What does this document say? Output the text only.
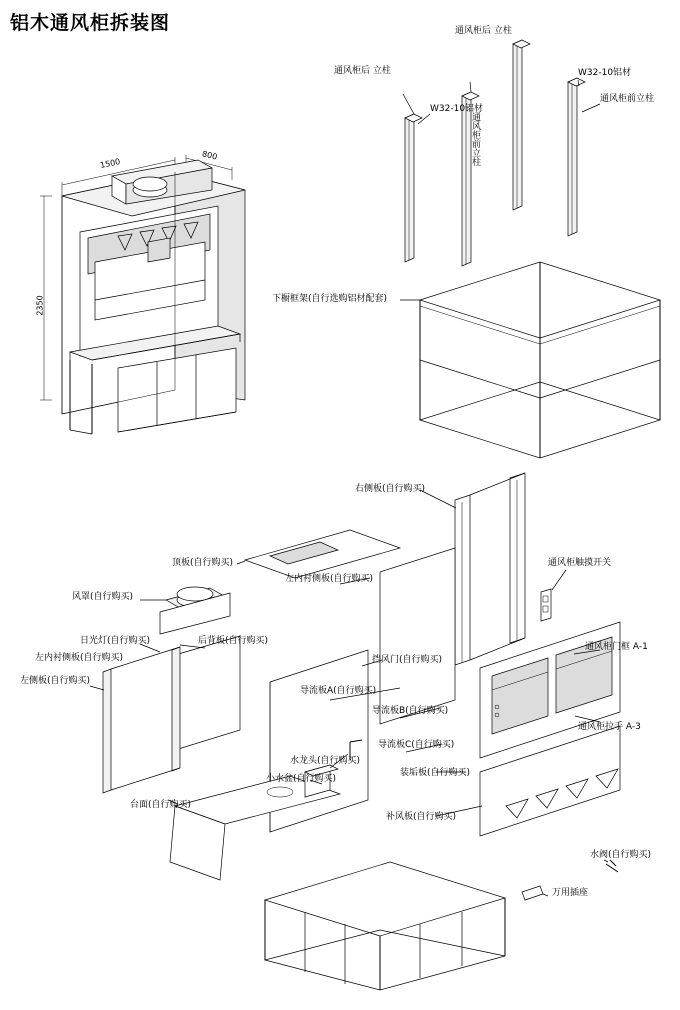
铝木通风柜拆装图
1500
800
2350
通风柜后 立柱
通风柜后 立柱	W32-10铝材
通风柜前立柱
W32-10铝材
通风柜前立柱
下橱框架(自行选购铝材配套)
右侧板(自行购买)
通风柜触摸开关
顶板(自行购买)
左内衬侧板(自行购买)
风罩(自行购买)
日光灯(自行购买)	后背板(自行购买)
左内衬侧板(自行购买)
通风柜门框 A-1
左侧板(自行购买)
挡风门(自行购买)
导流板A(自行购买)
导流板B(自行购买)
通风柜拉手 A-3
导流板C(自行购买)
水龙头(自行购买)
装垢板(自行购买)
小水盆(自行购买)
台面(自行购买)
补风板(自行购买)
水阀(自行购买)
万用插座
